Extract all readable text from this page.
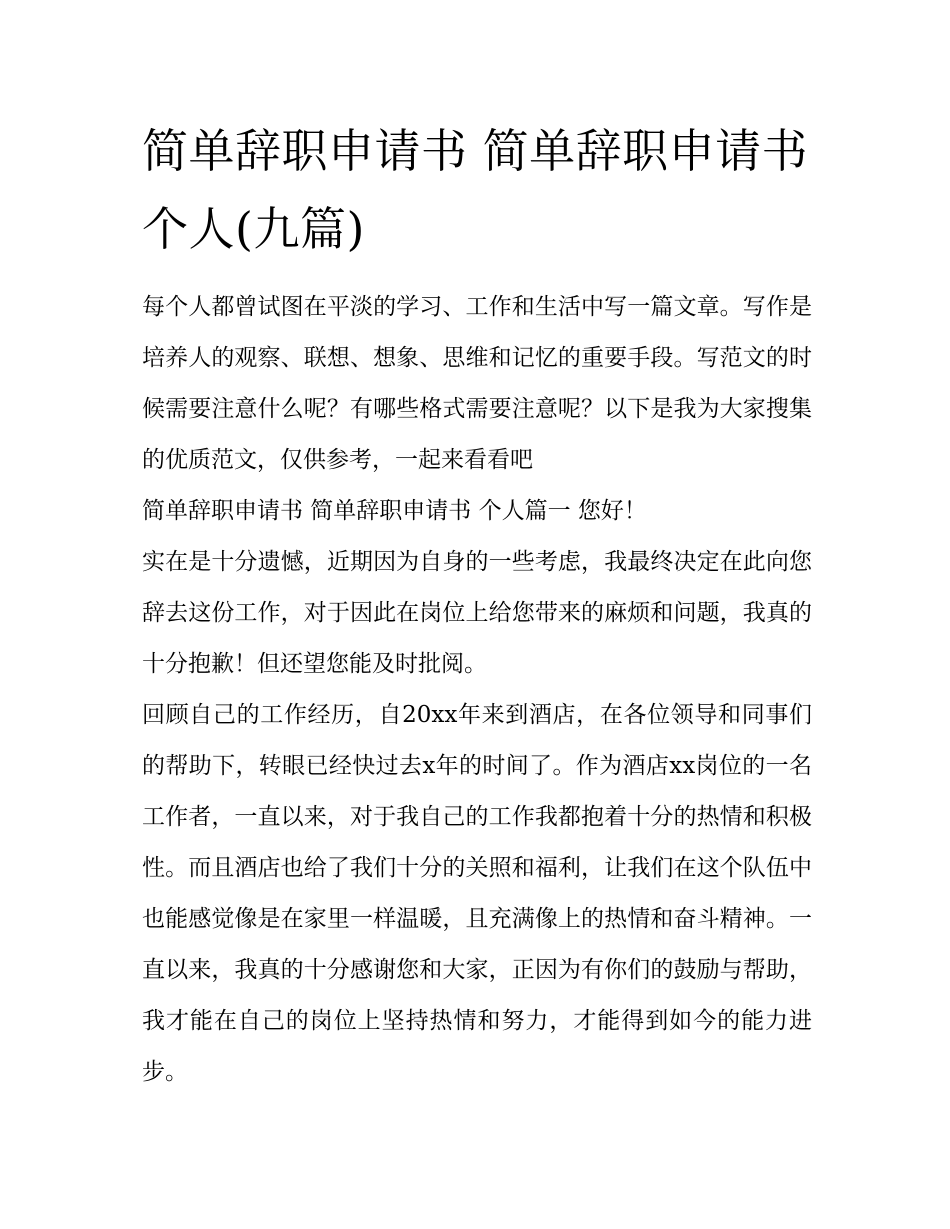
简单辞职申请书 简单辞职申请书 个人(九篇)

每个人都曾试图在平淡的学习、工作和生活中写一篇文章。写作是培养人的观察、联想、想象、思维和记忆的重要手段。写范文的时候需要注意什么呢？有哪些格式需要注意呢？以下是我为大家搜集的优质范文，仅供参考，一起来看看吧

简单辞职申请书 简单辞职申请书 个人篇一 您好！

实在是十分遗憾，近期因为自身的一些考虑，我最终决定在此向您辞去这份工作，对于因此在岗位上给您带来的麻烦和问题，我真的十分抱歉！但还望您能及时批阅。

回顾自己的工作经历，自20xx年来到酒店，在各位领导和同事们的帮助下，转眼已经快过去x年的时间了。作为酒店xx岗位的一名工作者，一直以来，对于我自己的工作我都抱着十分的热情和积极性。而且酒店也给了我们十分的关照和福利，让我们在这个队伍中也能感觉像是在家里一样温暖，且充满像上的热情和奋斗精神。一直以来，我真的十分感谢您和大家，正因为有你们的鼓励与帮助，我才能在自己的岗位上坚持热情和努力，才能得到如今的能力进步。
